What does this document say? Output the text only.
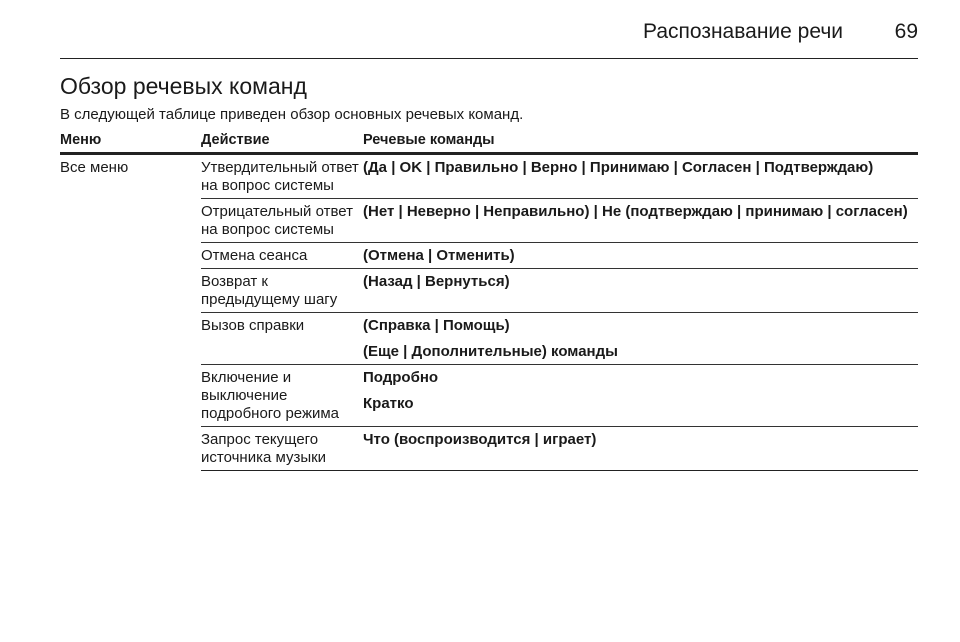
Распознавание речи 69
Обзор речевых команд

В следующей таблице приведен обзор основных речевых команд.

Меню	Действие	Речевые команды
Все меню	Утвердительный ответ на вопрос системы	(Да | OK | Правильно | Верно | Принимаю | Согласен | Подтверждаю)

	Отрицательный ответ на вопрос системы	(Нет | Неверно | Неправильно) | Не (подтверждаю | принимаю | согласен)

	Отмена сеанса	(Отмена | Отменить)

	Возврат к предыдущему шагу	(Назад | Вернуться)

	Вызов справки	(Справка | Помощь)
(Еще | Дополнительные) команды

	Включение и выключение подробного режима	Подробно
Кратко

	Запрос текущего источника музыки	Что (воспроизводится | играет)
